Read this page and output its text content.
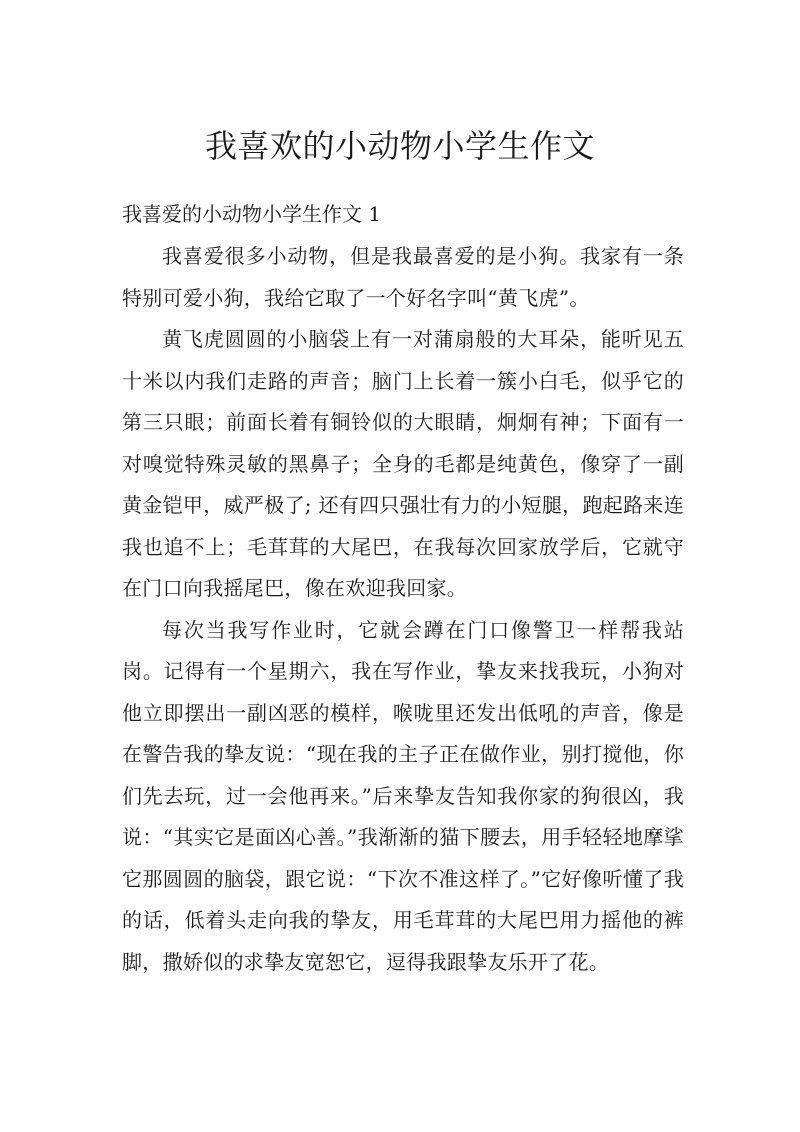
我喜欢的小动物小学生作文

我喜爱的小动物小学生作文 1

我喜爱很多小动物，但是我最喜爱的是小狗。我家有一条特别可爱小狗，我给它取了一个好名字叫“黄飞虎”。

黄飞虎圆圆的小脑袋上有一对蒲扇般的大耳朵，能听见五十米以内我们走路的声音；脑门上长着一簇小白毛，似乎它的第三只眼；前面长着有铜铃似的大眼睛，炯炯有神；下面有一对嗅觉特殊灵敏的黑鼻子；全身的毛都是纯黄色，像穿了一副黄金铠甲，威严极了; 还有四只强壮有力的小短腿，跑起路来连我也追不上；毛茸茸的大尾巴，在我每次回家放学后，它就守在门口向我摇尾巴，像在欢迎我回家。

每次当我写作业时，它就会蹲在门口像警卫一样帮我站岗。记得有一个星期六，我在写作业，挚友来找我玩，小狗对他立即摆出一副凶恶的模样，喉咙里还发出低吼的声音，像是在警告我的挚友说：“现在我的主子正在做作业，别打搅他，你们先去玩，过一会他再来。”后来挚友告知我你家的狗很凶，我说：“其实它是面凶心善。”我渐渐的猫下腰去，用手轻轻地摩挲它那圆圆的脑袋，跟它说：“下次不准这样了。”它好像听懂了我的话，低着头走向我的挚友，用毛茸茸的大尾巴用力摇他的裤脚，撒娇似的求挚友宽恕它，逗得我跟挚友乐开了花。
